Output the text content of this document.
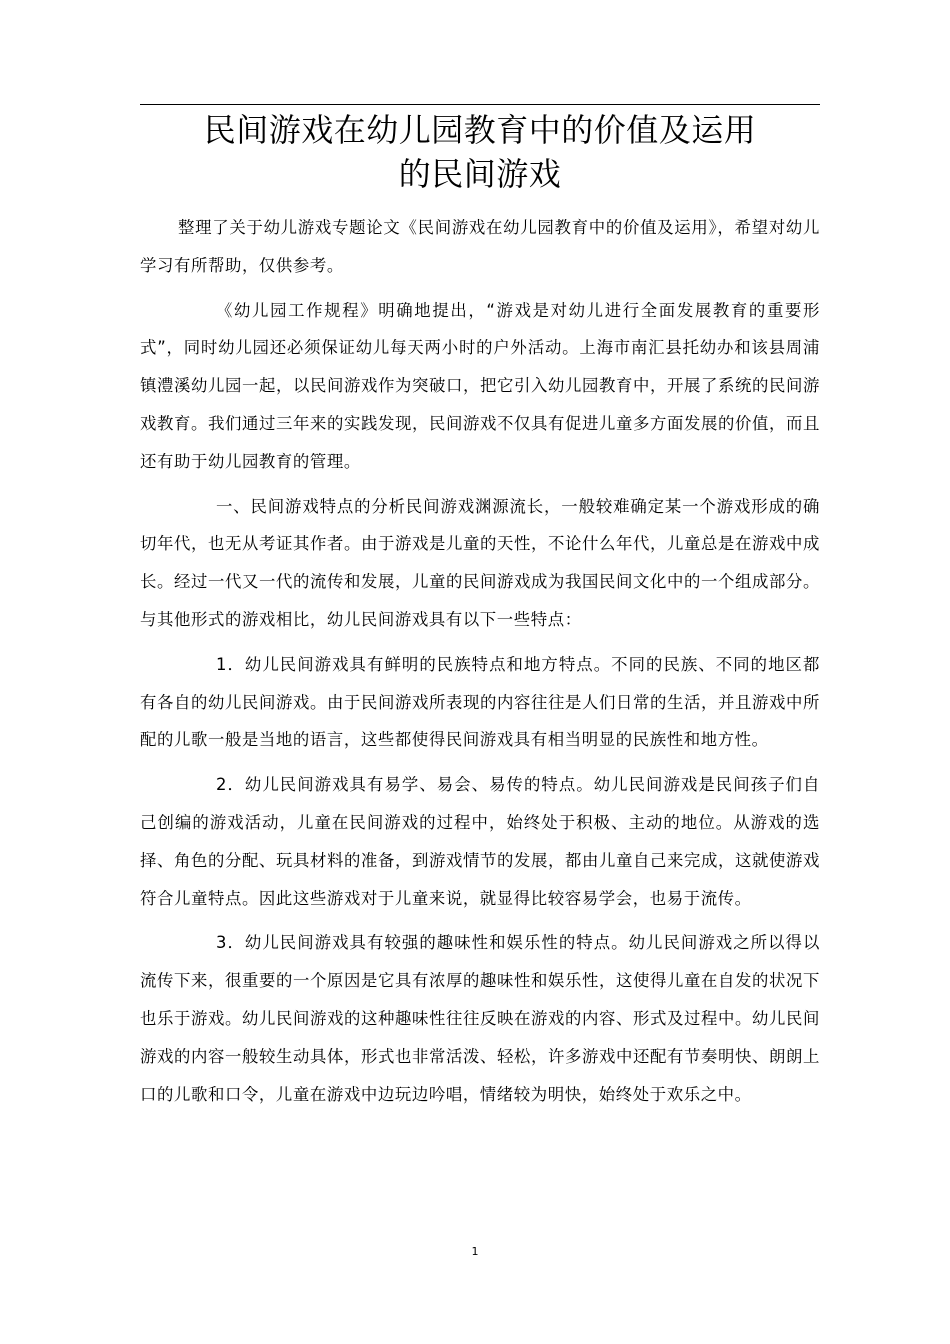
民间游戏在幼儿园教育中的价值及运用
的民间游戏

整理了关于幼儿游戏专题论文《民间游戏在幼儿园教育中的价值及运用》，希望对幼儿学习有所帮助，仅供参考。

《幼儿园工作规程》明确地提出，“游戏是对幼儿进行全面发展教育的重要形式”，同时幼儿园还必须保证幼儿每天两小时的户外活动。上海市南汇县托幼办和该县周浦镇澧溪幼儿园一起，以民间游戏作为突破口，把它引入幼儿园教育中，开展了系统的民间游戏教育。我们通过三年来的实践发现，民间游戏不仅具有促进儿童多方面发展的价值，而且还有助于幼儿园教育的管理。

一、民间游戏特点的分析民间游戏渊源流长，一般较难确定某一个游戏形成的确切年代，也无从考证其作者。由于游戏是儿童的天性，不论什么年代，儿童总是在游戏中成长。经过一代又一代的流传和发展，儿童的民间游戏成为我国民间文化中的一个组成部分。与其他形式的游戏相比，幼儿民间游戏具有以下一些特点：

1．幼儿民间游戏具有鲜明的民族特点和地方特点。不同的民族、不同的地区都有各自的幼儿民间游戏。由于民间游戏所表现的内容往往是人们日常的生活，并且游戏中所配的儿歌一般是当地的语言，这些都使得民间游戏具有相当明显的民族性和地方性。

2．幼儿民间游戏具有易学、易会、易传的特点。幼儿民间游戏是民间孩子们自己创编的游戏活动，儿童在民间游戏的过程中，始终处于积极、主动的地位。从游戏的选择、角色的分配、玩具材料的准备，到游戏情节的发展，都由儿童自己来完成，这就使游戏符合儿童特点。因此这些游戏对于儿童来说，就显得比较容易学会，也易于流传。

3．幼儿民间游戏具有较强的趣味性和娱乐性的特点。幼儿民间游戏之所以得以流传下来，很重要的一个原因是它具有浓厚的趣味性和娱乐性，这使得儿童在自发的状况下也乐于游戏。幼儿民间游戏的这种趣味性往往反映在游戏的内容、形式及过程中。幼儿民间游戏的内容一般较生动具体，形式也非常活泼、轻松，许多游戏中还配有节奏明快、朗朗上口的儿歌和口令，儿童在游戏中边玩边吟唱，情绪较为明快，始终处于欢乐之中。

1
